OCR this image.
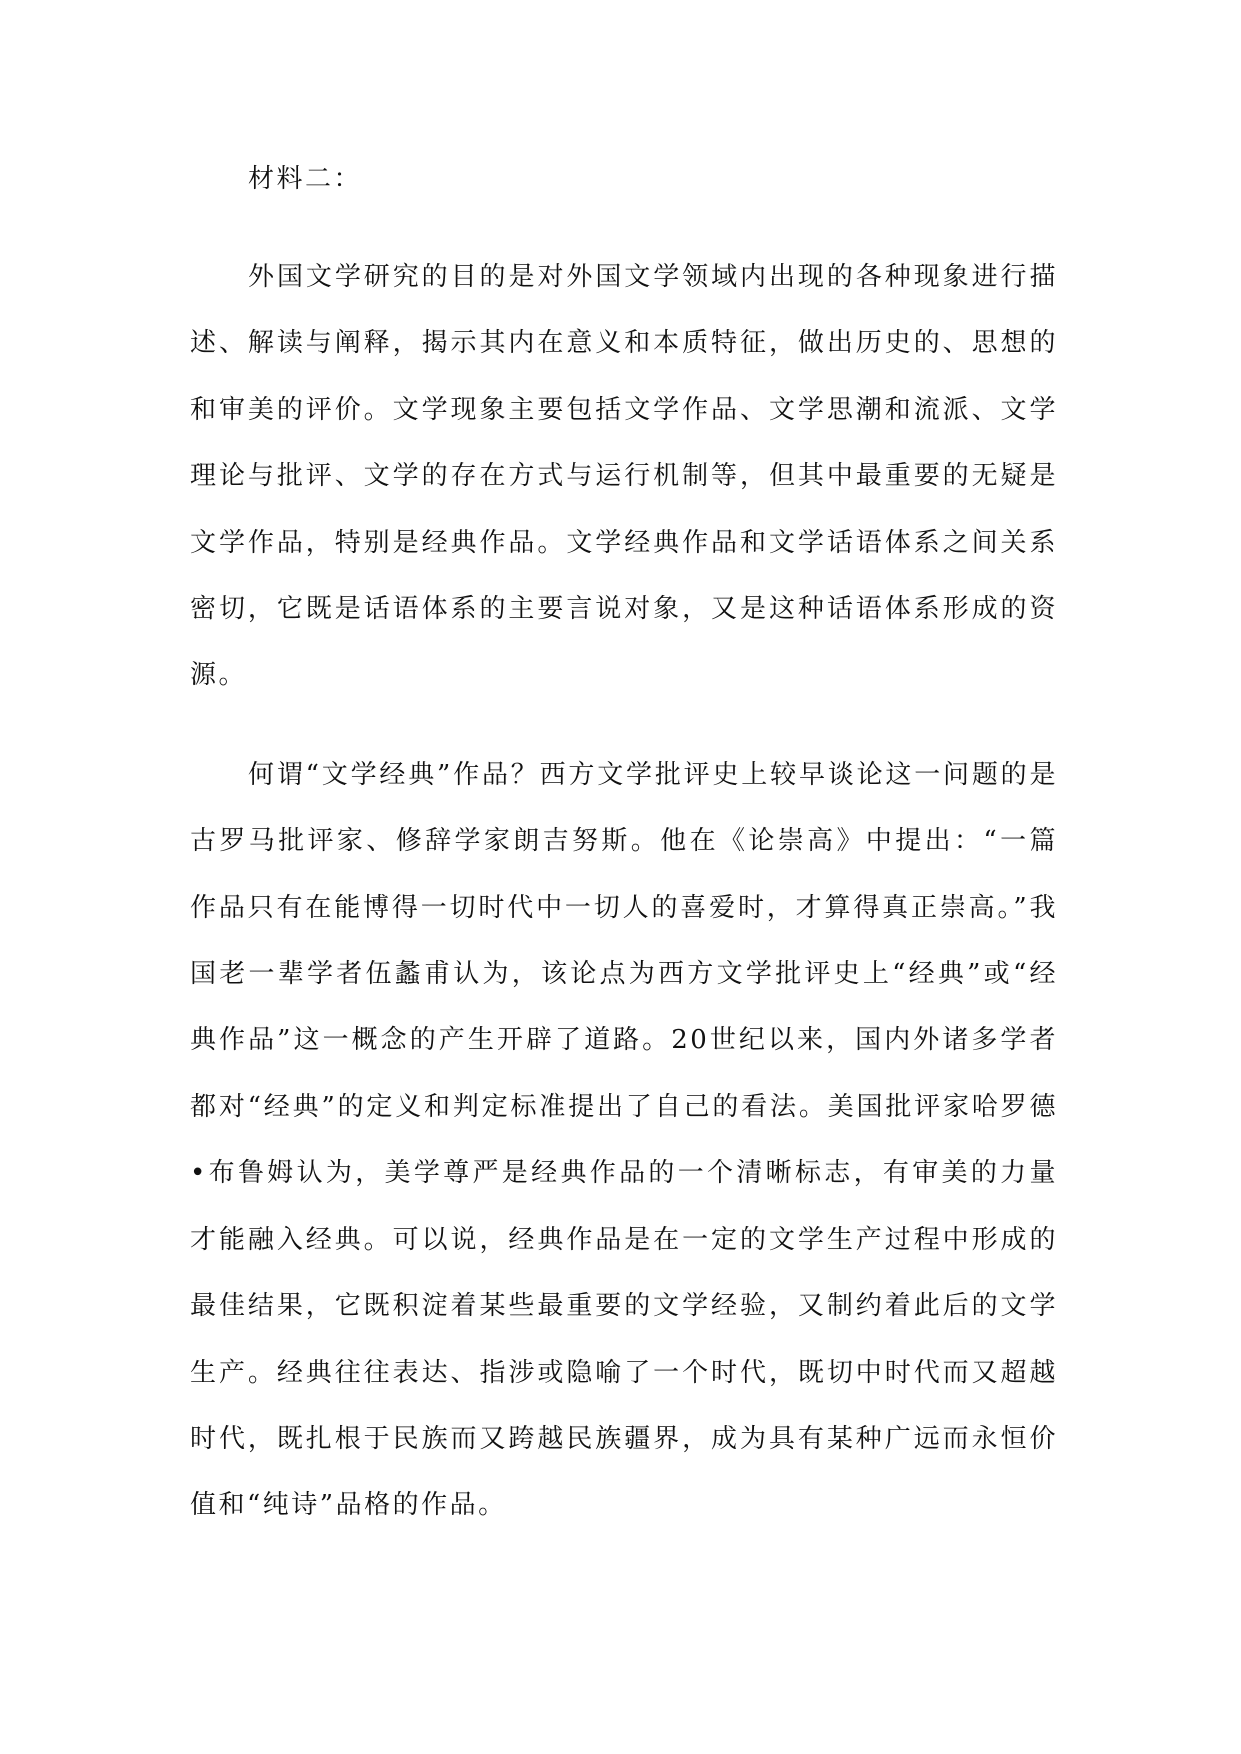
材料二：

外国文学研究的目的是对外国文学领域内出现的各种现象进行描述、解读与阐释，揭示其内在意义和本质特征，做出历史的、思想的和审美的评价。文学现象主要包括文学作品、文学思潮和流派、文学理论与批评、文学的存在方式与运行机制等，但其中最重要的无疑是文学作品，特别是经典作品。文学经典作品和文学话语体系之间关系密切，它既是话语体系的主要言说对象，又是这种话语体系形成的资源。

何谓“文学经典”作品？西方文学批评史上较早谈论这一问题的是古罗马批评家、修辞学家朗吉努斯。他在《论崇高》中提出：“一篇作品只有在能博得一切时代中一切人的喜爱时，才算得真正崇高。”我国老一辈学者伍蠡甫认为，该论点为西方文学批评史上“经典”或“经典作品”这一概念的产生开辟了道路。20世纪以来，国内外诸多学者都对“经典”的定义和判定标准提出了自己的看法。美国批评家哈罗德•布鲁姆认为，美学尊严是经典作品的一个清晰标志，有审美的力量才能融入经典。可以说，经典作品是在一定的文学生产过程中形成的最佳结果，它既积淀着某些最重要的文学经验，又制约着此后的文学生产。经典往往表达、指涉或隐喻了一个时代，既切中时代而又超越时代，既扎根于民族而又跨越民族疆界，成为具有某种广远而永恒价值和“纯诗”品格的作品。
